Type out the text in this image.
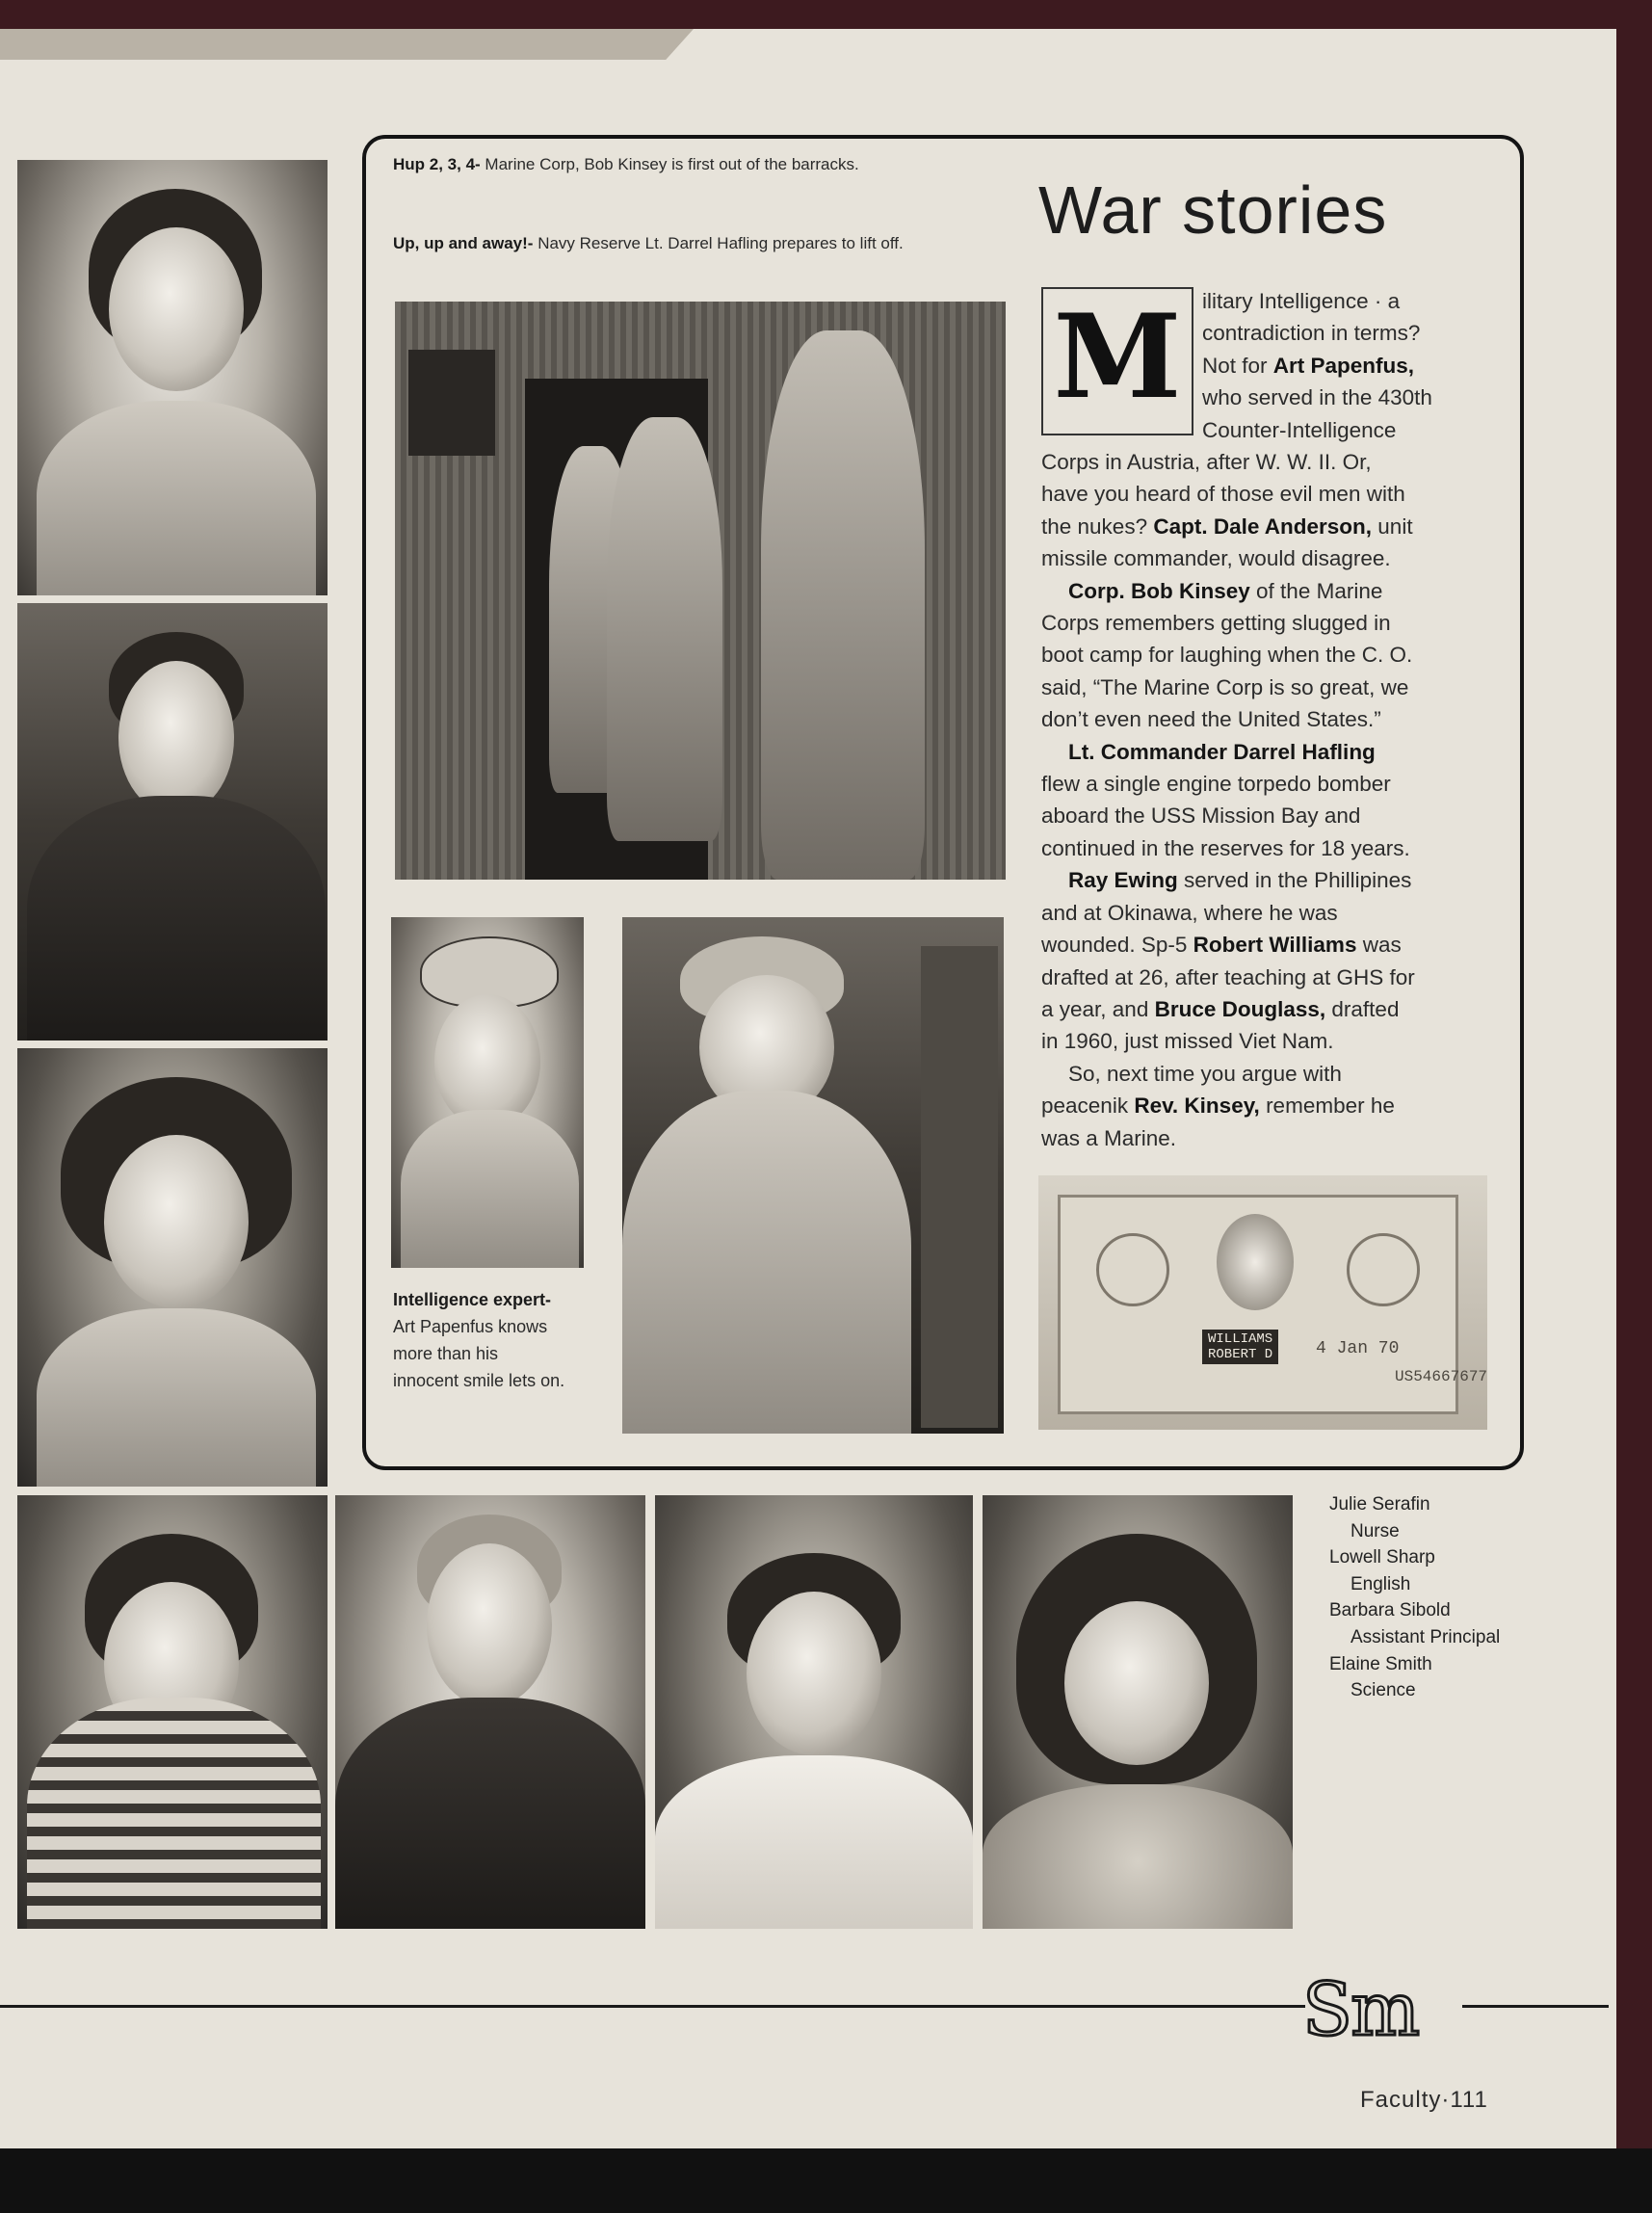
Hup 2, 3, 4- Marine Corp, Bob Kinsey is first out of the barracks.
Up, up and away!- Navy Reserve Lt. Darrel Hafling prepares to lift off.
Intelligence expert- Art Papenfus knows more than his innocent smile lets on.
WILLIAMS
ROBERT D 4 Jan 70
US54667677
War stories
M ilitary Intelligence · a
contradiction in terms?
Not for Art Papenfus,
who served in the 430th
Counter-Intelligence
Corps in Austria, after W. W. II. Or,
have you heard of those evil men with
the nukes? Capt. Dale Anderson, unit
missile commander, would disagree.
Corp. Bob Kinsey of the Marine
Corps remembers getting slugged in
boot camp for laughing when the C. O.
said, “The Marine Corp is so great, we
don’t even need the United States.”
Lt. Commander Darrel Hafling
flew a single engine torpedo bomber
aboard the USS Mission Bay and
continued in the reserves for 18 years.
Ray Ewing served in the Phillipines
and at Okinawa, where he was
wounded. Sp-5 Robert Williams was
drafted at 26, after teaching at GHS for
a year, and Bruce Douglass, drafted
in 1960, just missed Viet Nam.
So, next time you argue with
peacenik Rev. Kinsey, remember he
was a Marine.
Julie Serafin
Nurse
Lowell Sharp
English
Barbara Sibold
Assistant Principal
Elaine Smith
Science
Sm
Faculty·111
